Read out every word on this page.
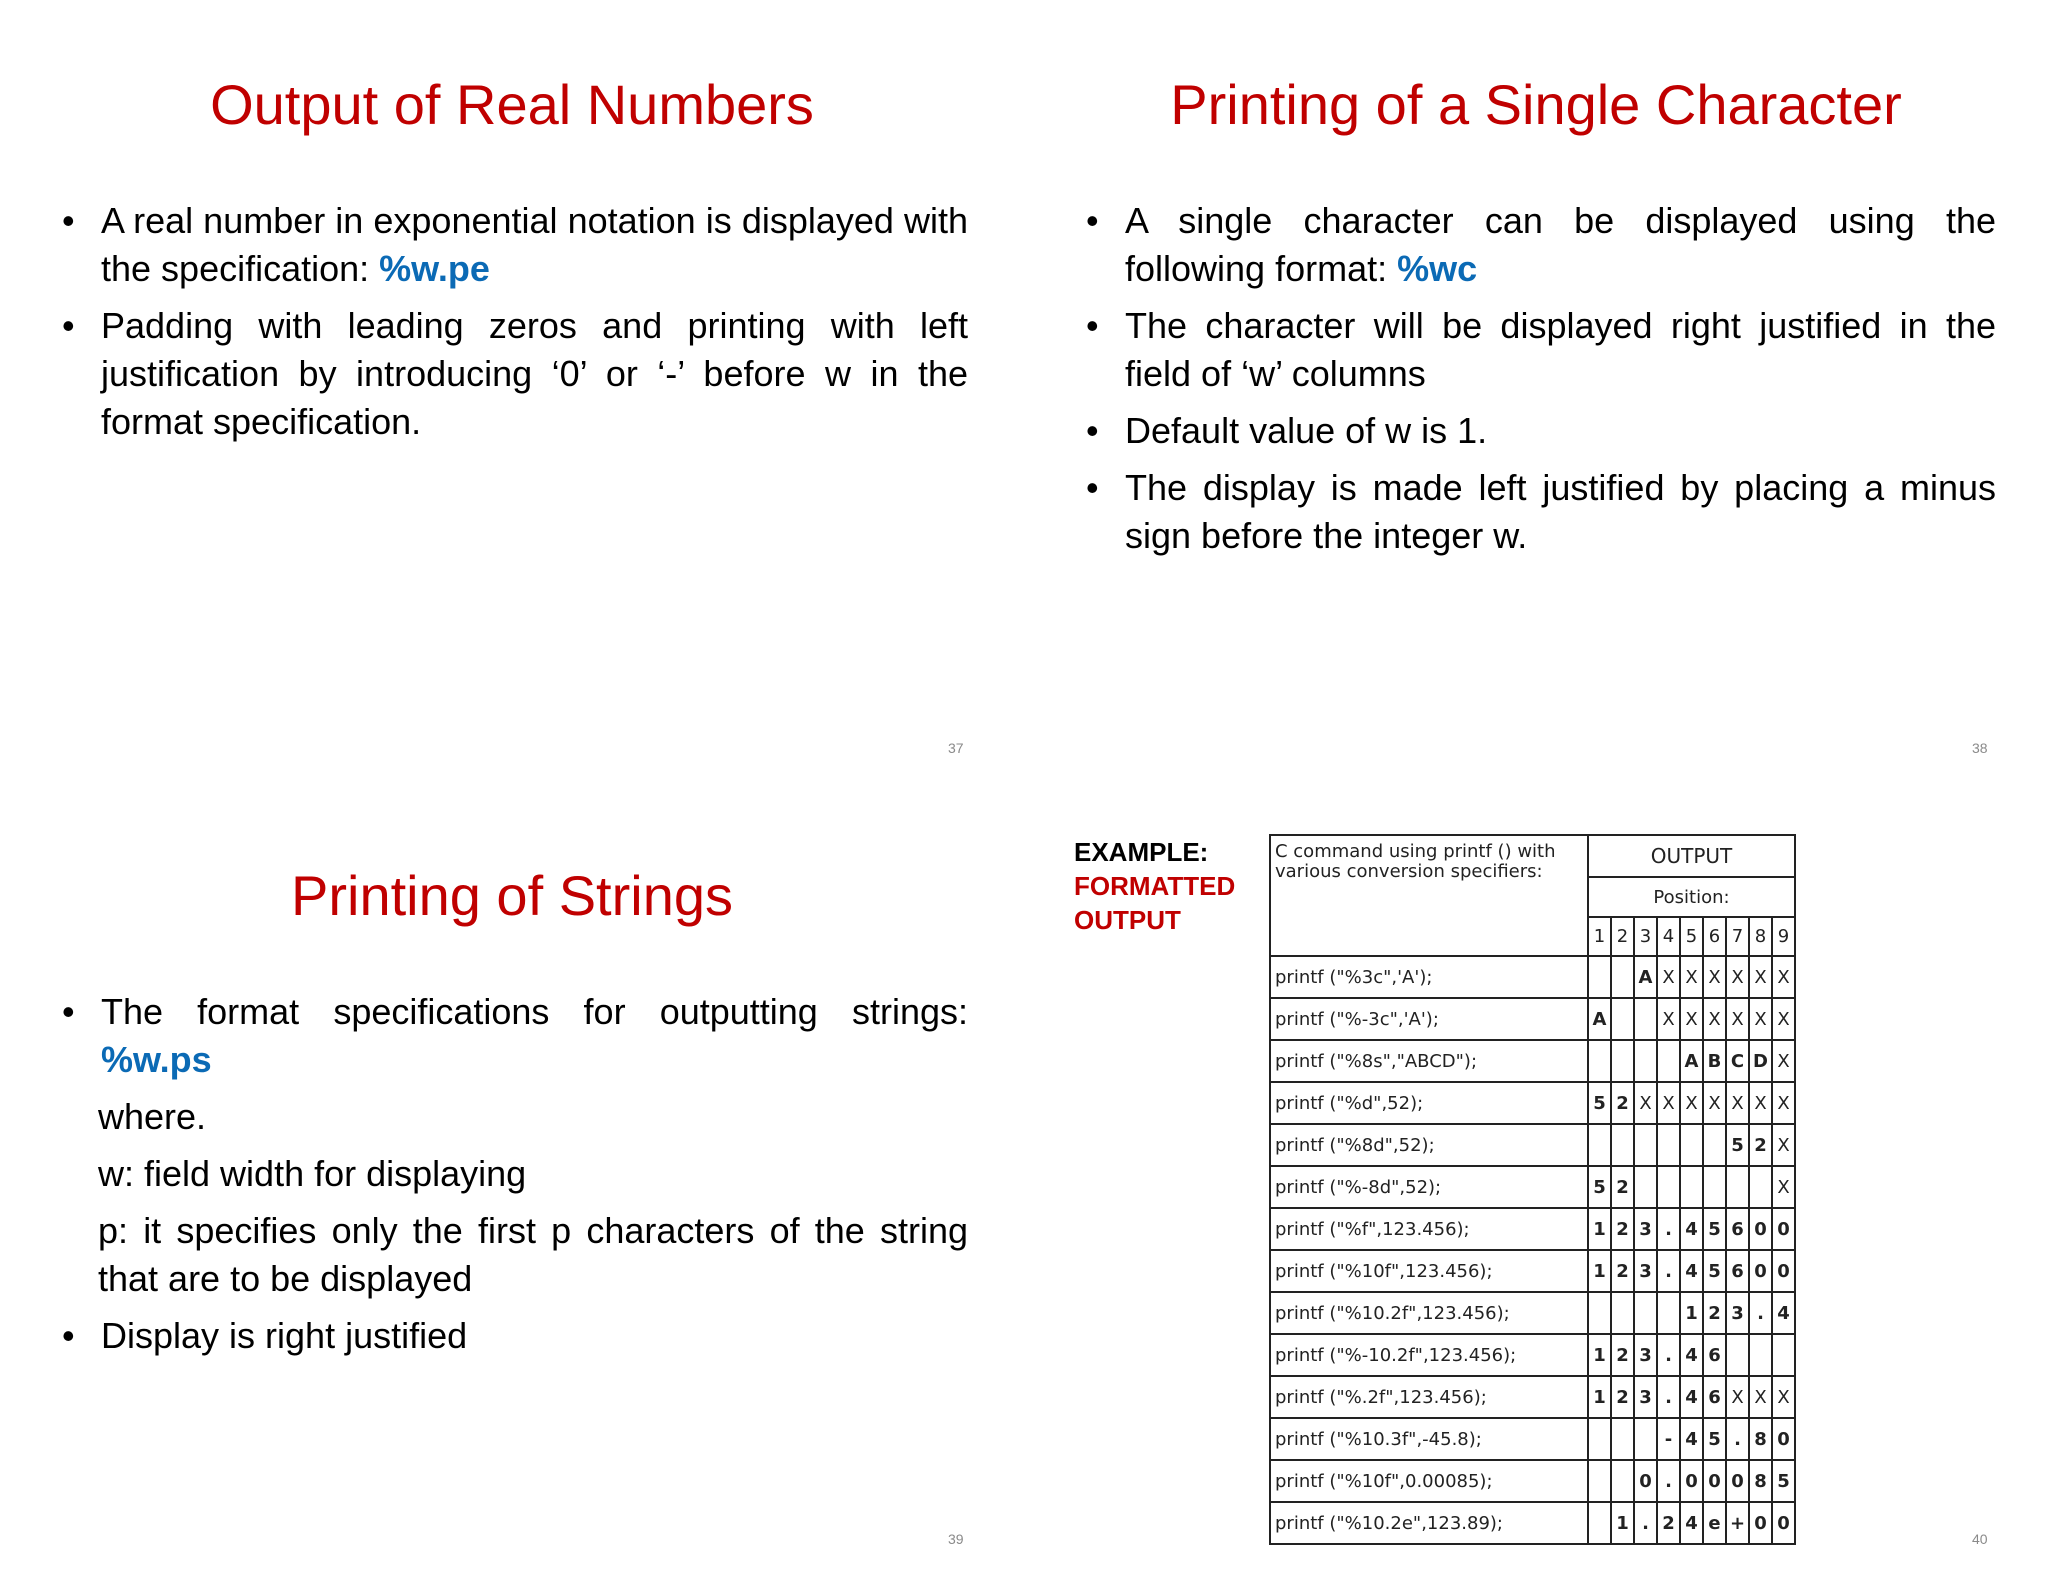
Output of Real Numbers
• A real number in exponential notation is displayed with the specification: %w.pe
• Padding with leading zeros and printing with left justification by introducing ‘0’ or ‘-’ before w in the format specification.
37
Printing of a Single Character
• A single character can be displayed using the following format: %wc
• The character will be displayed right justified in the field of ‘w’ columns
• Default value of w is 1.
• The display is made left justified by placing a minus sign before the integer w.
38
Printing of Strings
• The format specifications for outputting strings: %w.ps
where.
w: field width for displaying
p: it specifies only the first p characters of the string that are to be displayed
• Display is right justified
39
EXAMPLE:
FORMATTED
OUTPUT
C command using printf () with various conversion specifiers:	OUTPUT								
	Position:								
	1	2	3	4	5	6	7	8	9
printf ("%3c",'A');			A	X	X	X	X	X	X
printf ("%-3c",'A');	A			X	X	X	X	X	X
printf ("%8s","ABCD");					A	B	C	D	X
printf ("%d",52);	5	2	X	X	X	X	X	X	X
printf ("%8d",52);							5	2	X
printf ("%-8d",52);	5	2							X
printf ("%f",123.456);	1	2	3	.	4	5	6	0	0
printf ("%10f",123.456);	1	2	3	.	4	5	6	0	0
printf ("%10.2f",123.456);					1	2	3	.	4
printf ("%-10.2f",123.456);	1	2	3	.	4	6			
printf ("%.2f",123.456);	1	2	3	.	4	6	X	X	X
printf ("%10.3f",-45.8);				-	4	5	.	8	0
printf ("%10f",0.00085);			0	.	0	0	0	8	5
printf ("%10.2e",123.89);		1	.	2	4	e	+	0	0
40
